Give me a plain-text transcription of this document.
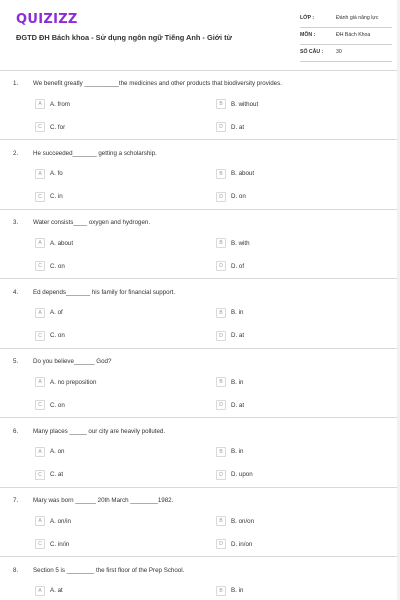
QUIZIZZ
ĐGTD ĐH Bách khoa - Sử dụng ngôn ngữ Tiếng Anh - Giới từ
LỚP :	Đánh giá năng lực
MÔN :	ĐH Bách Khoa
SỐ CÂU : 30
1. We benefit greatly __________the medicines and other products that biodiversity provides.
A	A. from	B	B. without
C	C. for	D	D. at
2. He succeeded_______ getting a scholarship.
A	A. fo	B	B. about
C	C. in	D	D. on
3. Water consists____ oxygen and hydrogen.
A	A. about	B	B. with
C	C. on	D	D. of
4. Ed depends_______ his family for financial support.
A	A. of	B	B. in
C	C. on	D	D. at
5. Do you believe______ God?
A	A. no preposition	B	B. in
C	C. on	D	D. at
6. Many places _____ our city are heavily polluted.
A	A. on	B	B. in
C	C. at	D	D. upon
7. Mary was born ______ 20th March ________1982.
A	A. on/in	B	B. on/on
C	C. in/in	D	D. in/on
8. Section 5 is ________ the first floor of the Prep School.
A	A. at	B	B. in
